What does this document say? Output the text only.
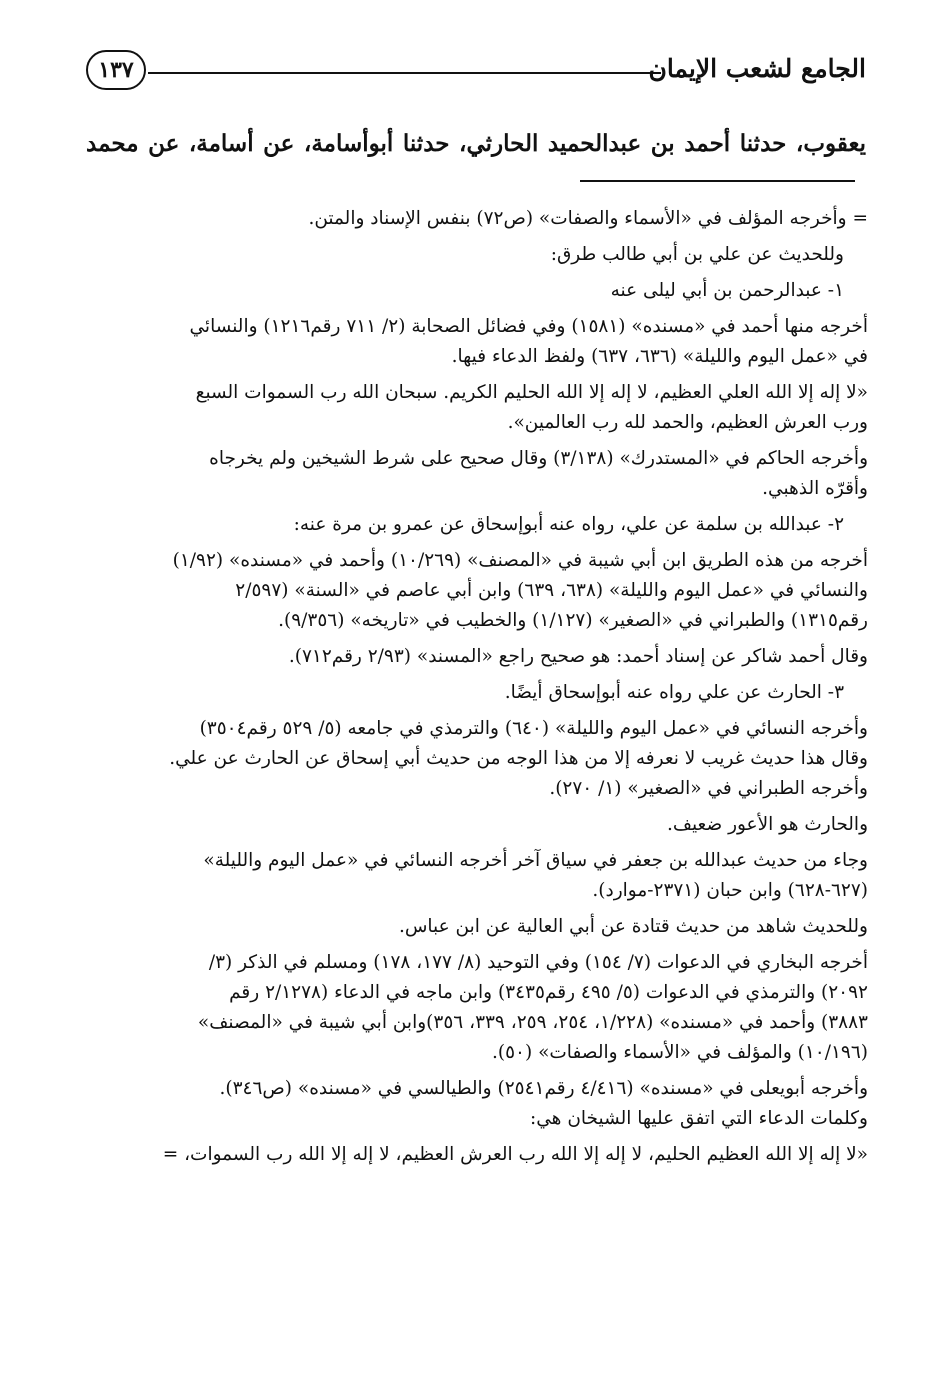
الجامع لشعب الإيمان
١٣٧
يعقوب، حدثنا أحمد بن عبدالحميد الحارثي، حدثنا أبوأسامة، عن أسامة، عن محمد
= وأخرجه المؤلف في «الأسماء والصفات» (ص٧٢) بنفس الإسناد والمتن.
وللحديث عن علي بن أبي طالب طرق:
١- عبدالرحمن بن أبي ليلى عنه
أخرجه منها أحمد في «مسنده» (١٥٨١) وفي فضائل الصحابة (٢/ ٧١١ رقم١٢١٦) والنسائي
في «عمل اليوم والليلة» (٦٣٦، ٦٣٧) ولفظ الدعاء فيها.
«لا إله إلا الله العلي العظيم، لا إله إلا الله الحليم الكريم. سبحان الله رب السموات السبع
ورب العرش العظيم، والحمد لله رب العالمين».
وأخرجه الحاكم في «المستدرك» (٣/١٣٨) وقال صحيح على شرط الشيخين ولم يخرجاه
وأقرّه الذهبي.
٢- عبدالله بن سلمة عن علي، رواه عنه أبوإسحاق عن عمرو بن مرة عنه:
أخرجه من هذه الطريق ابن أبي شيبة في «المصنف» (١٠/٢٦٩) وأحمد في «مسنده» (١/٩٢)
والنسائي في «عمل اليوم والليلة» (٦٣٨، ٦٣٩) وابن أبي عاصم في «السنة» (٢/٥٩٧
رقم١٣١٥) والطبراني في «الصغير» (١/١٢٧) والخطيب في «تاريخه» (٩/٣٥٦).
وقال أحمد شاكر عن إسناد أحمد: هو صحيح راجع «المسند» (٢/٩٣ رقم٧١٢).
٣- الحارث عن علي رواه عنه أبوإسحاق أيضًا.
وأخرجه النسائي في «عمل اليوم والليلة» (٦٤٠) والترمذي في جامعه (٥/ ٥٢٩ رقم٣٥٠٤)
وقال هذا حديث غريب لا نعرفه إلا من هذا الوجه من حديث أبي إسحاق عن الحارث عن علي.
وأخرجه الطبراني في «الصغير» (١/ ٢٧٠).
والحارث هو الأعور ضعيف.
وجاء من حديث عبدالله بن جعفر في سياق آخر أخرجه النسائي في «عمل اليوم والليلة»
(٦٢٧-٦٢٨) وابن حبان (٢٣٧١-موارد).
وللحديث شاهد من حديث قتادة عن أبي العالية عن ابن عباس.
أخرجه البخاري في الدعوات (٧/ ١٥٤) وفي التوحيد (٨/ ١٧٧، ١٧٨) ومسلم في الذكر (٣/
٢٠٩٢) والترمذي في الدعوات (٥/ ٤٩٥ رقم٣٤٣٥) وابن ماجه في الدعاء (٢/١٢٧٨ رقم
٣٨٨٣) وأحمد في «مسنده» (١/٢٢٨، ٢٥٤، ٢٥٩، ٣٣٩، ٣٥٦)وابن أبي شيبة في «المصنف»
(١٠/١٩٦) والمؤلف في «الأسماء والصفات» (٥٠).
وأخرجه أبويعلى في «مسنده» (٤/٤١٦ رقم٢٥٤١) والطيالسي في «مسنده» (ص٣٤٦).
وكلمات الدعاء التي اتفق عليها الشيخان هي:
«لا إله إلا الله العظيم الحليم، لا إله إلا الله رب العرش العظيم، لا إله إلا الله رب السموات، =
